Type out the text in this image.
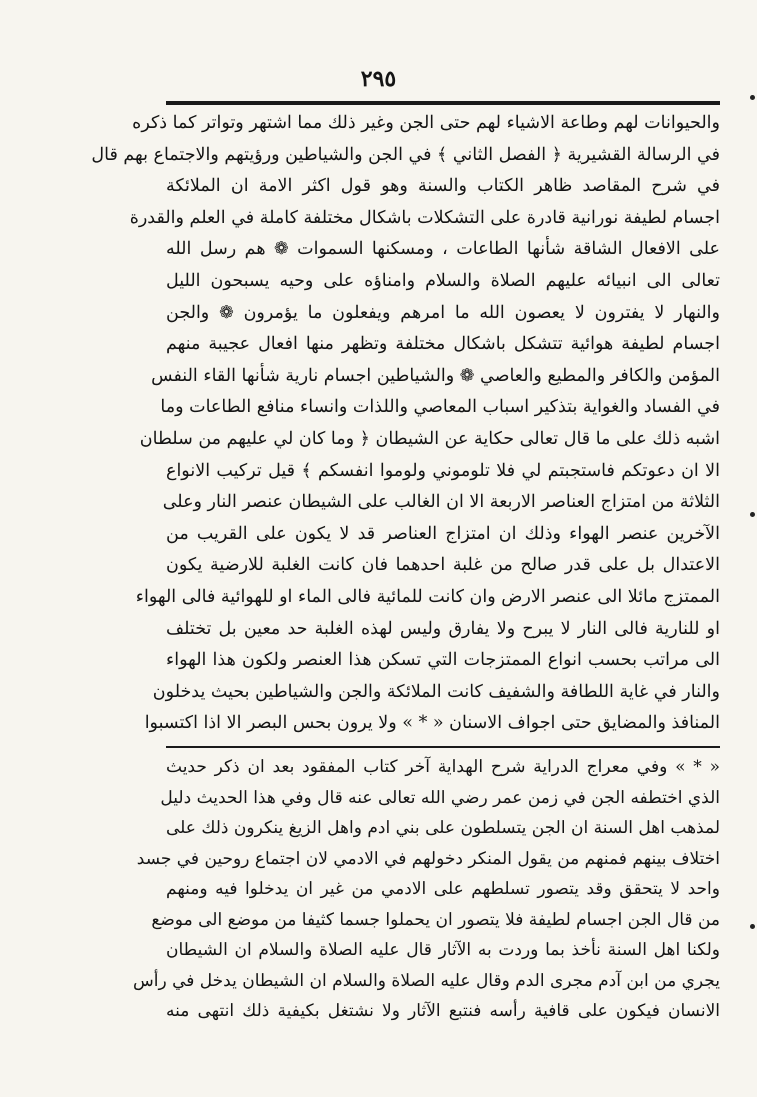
٢٩٥
والحيوانات لهم وطاعة الاشياء لهم حتى الجن وغير ذلك مما اشتهر وتواتر كما ذكره
في الرسالة القشيرية ﴿ الفصل الثاني ﴾ في الجن والشياطين ورؤيتهم والاجتماع بهم قال
في شرح المقاصد ظاهر الكتاب والسنة وهو قول اكثر الامة ان الملائكة
اجسام لطيفة نورانية قادرة على التشكلات باشكال مختلفة كاملة في العلم والقدرة
على الافعال الشاقة شأنها الطاعات ، ومسكنها السموات ❁ هم رسل الله
تعالى الى انبيائه عليهم الصلاة والسلام وامناؤه على وحيه يسبحون الليل
والنهار لا يفترون لا يعصون الله ما امرهم ويفعلون ما يؤمرون ❁ والجن
اجسام لطيفة هوائية تتشكل باشكال مختلفة وتظهر منها افعال عجيبة منهم
المؤمن والكافر والمطيع والعاصي ❁ والشياطين اجسام نارية شأنها القاء النفس
في الفساد والغواية بتذكير اسباب المعاصي واللذات وانساء منافع الطاعات وما
اشبه ذلك على ما قال تعالى حكاية عن الشيطان ﴿ وما كان لي عليهم من سلطان
الا ان دعوتكم فاستجبتم لي فلا تلوموني ولوموا انفسكم ﴾ قيل تركيب الانواع
الثلاثة من امتزاج العناصر الاربعة الا ان الغالب على الشيطان عنصر النار وعلى
الآخرين عنصر الهواء وذلك ان امتزاج العناصر قد لا يكون على القريب من
الاعتدال بل على قدر صالح من غلبة احدهما فان كانت الغلبة للارضية يكون
الممتزج مائلا الى عنصر الارض وان كانت للمائية فالى الماء او للهوائية فالى الهواء
او للنارية فالى النار لا يبرح ولا يفارق وليس لهذه الغلبة حد معين بل تختلف
الى مراتب بحسب انواع الممتزجات التي تسكن هذا العنصر ولكون هذا الهواء
والنار في غاية اللطافة والشفيف كانت الملائكة والجن والشياطين بحيث يدخلون
المنافذ والمضايق حتى اجواف الاسنان « * » ولا يرون بحس البصر الا اذا اكتسبوا
« * » وفي معراج الدراية شرح الهداية آخر كتاب المفقود بعد ان ذكر حديث
الذي اختطفه الجن في زمن عمر رضي الله تعالى عنه قال وفي هذا الحديث دليل
لمذهب اهل السنة ان الجن يتسلطون على بني ادم واهل الزيغ ينكرون ذلك على
اختلاف بينهم فمنهم من يقول المنكر دخولهم في الادمي لان اجتماع روحين في جسد
واحد لا يتحقق وقد يتصور تسلطهم على الادمي من غير ان يدخلوا فيه ومنهم
من قال الجن اجسام لطيفة فلا يتصور ان يحملوا جسما كثيفا من موضع الى موضع
ولكنا اهل السنة نأخذ بما وردت به الآثار قال عليه الصلاة والسلام ان الشيطان
يجري من ابن آدم مجرى الدم وقال عليه الصلاة والسلام ان الشيطان يدخل في رأس
الانسان فيكون على قافية رأسه فنتبع الآثار ولا نشتغل بكيفية ذلك انتهى منه
